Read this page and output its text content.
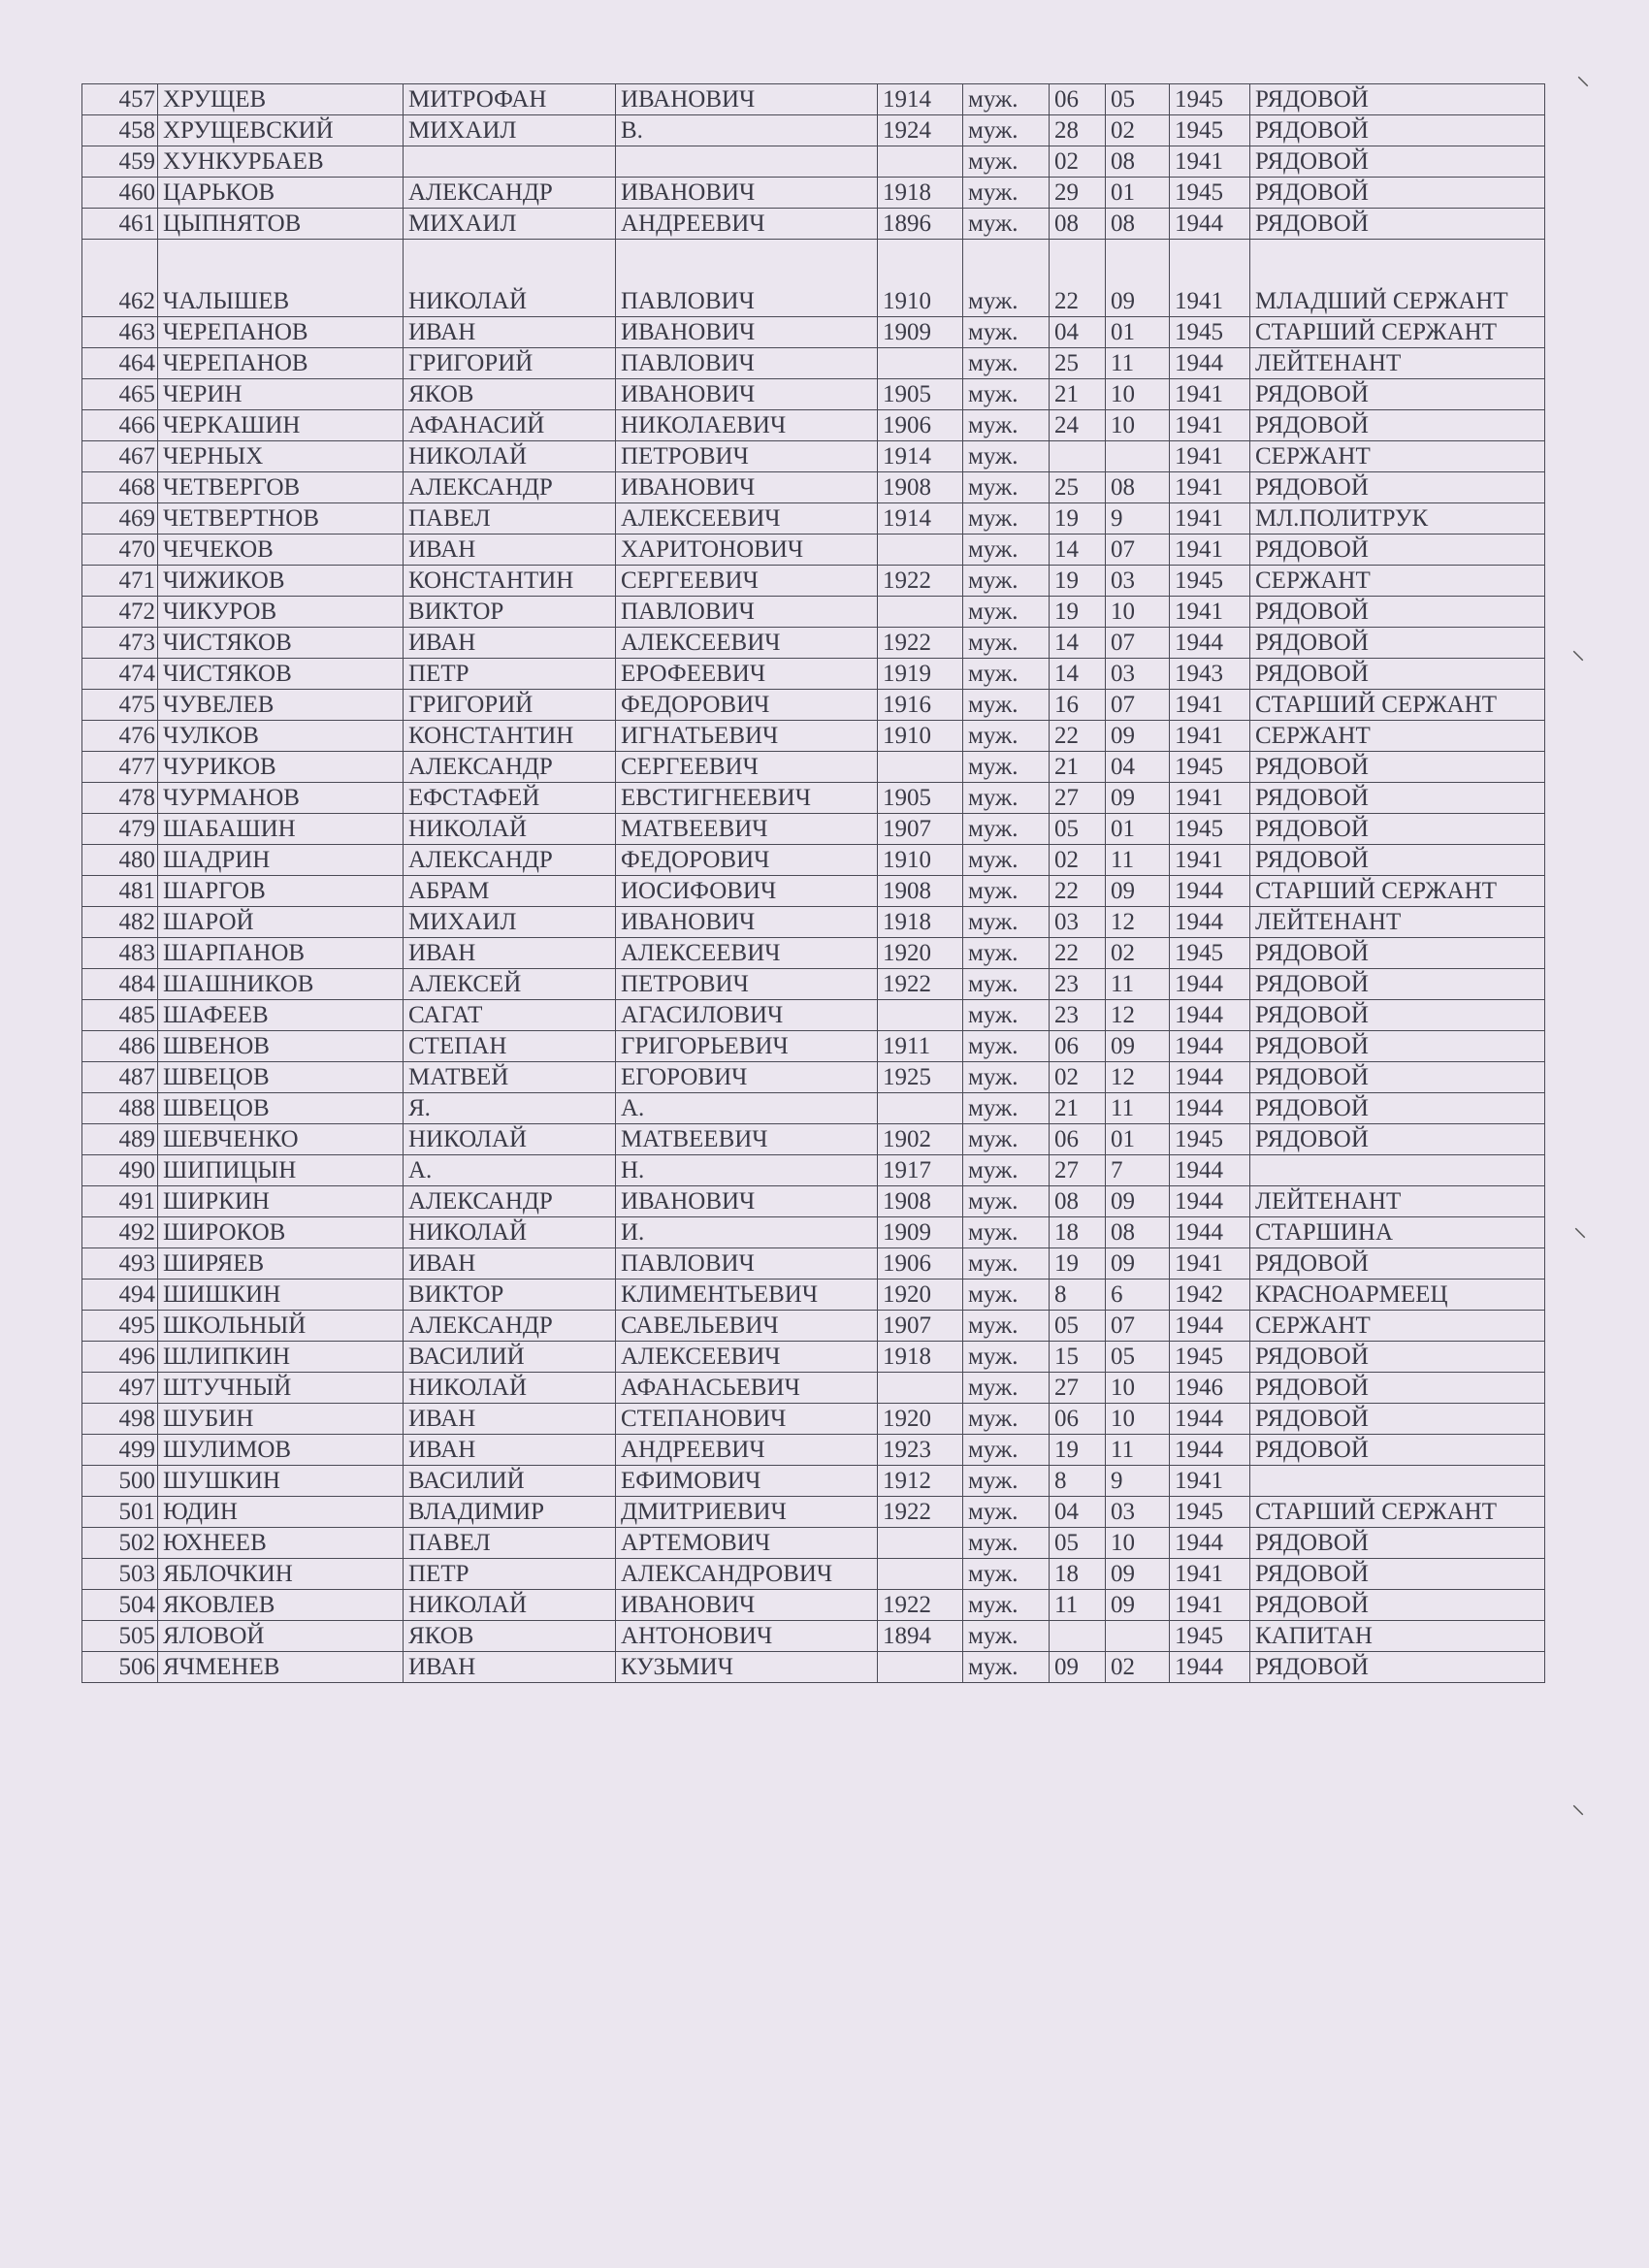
457	ХРУЩЕВ	МИТРОФАН	ИВАНОВИЧ	1914	муж.	06	05	1945	РЯДОВОЙ
458	ХРУЩЕВСКИЙ	МИХАИЛ	В.	1924	муж.	28	02	1945	РЯДОВОЙ
459	ХУНКУРБАЕВ				муж.	02	08	1941	РЯДОВОЙ
460	ЦАРЬКОВ	АЛЕКСАНДР	ИВАНОВИЧ	1918	муж.	29	01	1945	РЯДОВОЙ
461	ЦЫПНЯТОВ	МИХАИЛ	АНДРЕЕВИЧ	1896	муж.	08	08	1944	РЯДОВОЙ
462	ЧАЛЫШЕВ	НИКОЛАЙ	ПАВЛОВИЧ	1910	муж.	22	09	1941	МЛАДШИЙ СЕРЖАНТ
463	ЧЕРЕПАНОВ	ИВАН	ИВАНОВИЧ	1909	муж.	04	01	1945	СТАРШИЙ СЕРЖАНТ
464	ЧЕРЕПАНОВ	ГРИГОРИЙ	ПАВЛОВИЧ		муж.	25	11	1944	ЛЕЙТЕНАНТ
465	ЧЕРИН	ЯКОВ	ИВАНОВИЧ	1905	муж.	21	10	1941	РЯДОВОЙ
466	ЧЕРКАШИН	АФАНАСИЙ	НИКОЛАЕВИЧ	1906	муж.	24	10	1941	РЯДОВОЙ
467	ЧЕРНЫХ	НИКОЛАЙ	ПЕТРОВИЧ	1914	муж.			1941	СЕРЖАНТ
468	ЧЕТВЕРГОВ	АЛЕКСАНДР	ИВАНОВИЧ	1908	муж.	25	08	1941	РЯДОВОЙ
469	ЧЕТВЕРТНОВ	ПАВЕЛ	АЛЕКСЕЕВИЧ	1914	муж.	19	9	1941	МЛ.ПОЛИТРУК
470	ЧЕЧЕКОВ	ИВАН	ХАРИТОНОВИЧ		муж.	14	07	1941	РЯДОВОЙ
471	ЧИЖИКОВ	КОНСТАНТИН	СЕРГЕЕВИЧ	1922	муж.	19	03	1945	СЕРЖАНТ
472	ЧИКУРОВ	ВИКТОР	ПАВЛОВИЧ		муж.	19	10	1941	РЯДОВОЙ
473	ЧИСТЯКОВ	ИВАН	АЛЕКСЕЕВИЧ	1922	муж.	14	07	1944	РЯДОВОЙ
474	ЧИСТЯКОВ	ПЕТР	ЕРОФЕЕВИЧ	1919	муж.	14	03	1943	РЯДОВОЙ
475	ЧУВЕЛЕВ	ГРИГОРИЙ	ФЕДОРОВИЧ	1916	муж.	16	07	1941	СТАРШИЙ СЕРЖАНТ
476	ЧУЛКОВ	КОНСТАНТИН	ИГНАТЬЕВИЧ	1910	муж.	22	09	1941	СЕРЖАНТ
477	ЧУРИКОВ	АЛЕКСАНДР	СЕРГЕЕВИЧ		муж.	21	04	1945	РЯДОВОЙ
478	ЧУРМАНОВ	ЕФСТАФЕЙ	ЕВСТИГНЕЕВИЧ	1905	муж.	27	09	1941	РЯДОВОЙ
479	ШАБАШИН	НИКОЛАЙ	МАТВЕЕВИЧ	1907	муж.	05	01	1945	РЯДОВОЙ
480	ШАДРИН	АЛЕКСАНДР	ФЕДОРОВИЧ	1910	муж.	02	11	1941	РЯДОВОЙ
481	ШАРГОВ	АБРАМ	ИОСИФОВИЧ	1908	муж.	22	09	1944	СТАРШИЙ СЕРЖАНТ
482	ШАРОЙ	МИХАИЛ	ИВАНОВИЧ	1918	муж.	03	12	1944	ЛЕЙТЕНАНТ
483	ШАРПАНОВ	ИВАН	АЛЕКСЕЕВИЧ	1920	муж.	22	02	1945	РЯДОВОЙ
484	ШАШНИКОВ	АЛЕКСЕЙ	ПЕТРОВИЧ	1922	муж.	23	11	1944	РЯДОВОЙ
485	ШАФЕЕВ	САГАТ	АГАСИЛОВИЧ		муж.	23	12	1944	РЯДОВОЙ
486	ШВЕНОВ	СТЕПАН	ГРИГОРЬЕВИЧ	1911	муж.	06	09	1944	РЯДОВОЙ
487	ШВЕЦОВ	МАТВЕЙ	ЕГОРОВИЧ	1925	муж.	02	12	1944	РЯДОВОЙ
488	ШВЕЦОВ	Я.	А.		муж.	21	11	1944	РЯДОВОЙ
489	ШЕВЧЕНКО	НИКОЛАЙ	МАТВЕЕВИЧ	1902	муж.	06	01	1945	РЯДОВОЙ
490	ШИПИЦЫН	А.	Н.	1917	муж.	27	7	1944	
491	ШИРКИН	АЛЕКСАНДР	ИВАНОВИЧ	1908	муж.	08	09	1944	ЛЕЙТЕНАНТ
492	ШИРОКОВ	НИКОЛАЙ	И.	1909	муж.	18	08	1944	СТАРШИНА
493	ШИРЯЕВ	ИВАН	ПАВЛОВИЧ	1906	муж.	19	09	1941	РЯДОВОЙ
494	ШИШКИН	ВИКТОР	КЛИМЕНТЬЕВИЧ	1920	муж.	8	6	1942	КРАСНОАРМЕЕЦ
495	ШКОЛЬНЫЙ	АЛЕКСАНДР	САВЕЛЬЕВИЧ	1907	муж.	05	07	1944	СЕРЖАНТ
496	ШЛИПКИН	ВАСИЛИЙ	АЛЕКСЕЕВИЧ	1918	муж.	15	05	1945	РЯДОВОЙ
497	ШТУЧНЫЙ	НИКОЛАЙ	АФАНАСЬЕВИЧ		муж.	27	10	1946	РЯДОВОЙ
498	ШУБИН	ИВАН	СТЕПАНОВИЧ	1920	муж.	06	10	1944	РЯДОВОЙ
499	ШУЛИМОВ	ИВАН	АНДРЕЕВИЧ	1923	муж.	19	11	1944	РЯДОВОЙ
500	ШУШКИН	ВАСИЛИЙ	ЕФИМОВИЧ	1912	муж.	8	9	1941	
501	ЮДИН	ВЛАДИМИР	ДМИТРИЕВИЧ	1922	муж.	04	03	1945	СТАРШИЙ СЕРЖАНТ
502	ЮХНЕЕВ	ПАВЕЛ	АРТЕМОВИЧ		муж.	05	10	1944	РЯДОВОЙ
503	ЯБЛОЧКИН	ПЕТР	АЛЕКСАНДРОВИЧ		муж.	18	09	1941	РЯДОВОЙ
504	ЯКОВЛЕВ	НИКОЛАЙ	ИВАНОВИЧ	1922	муж.	11	09	1941	РЯДОВОЙ
505	ЯЛОВОЙ	ЯКОВ	АНТОНОВИЧ	1894	муж.			1945	КАПИТАН
506	ЯЧМЕНЕВ	ИВАН	КУЗЬМИЧ		муж.	09	02	1944	РЯДОВОЙ
⸜
⸜
⸜
⸜
